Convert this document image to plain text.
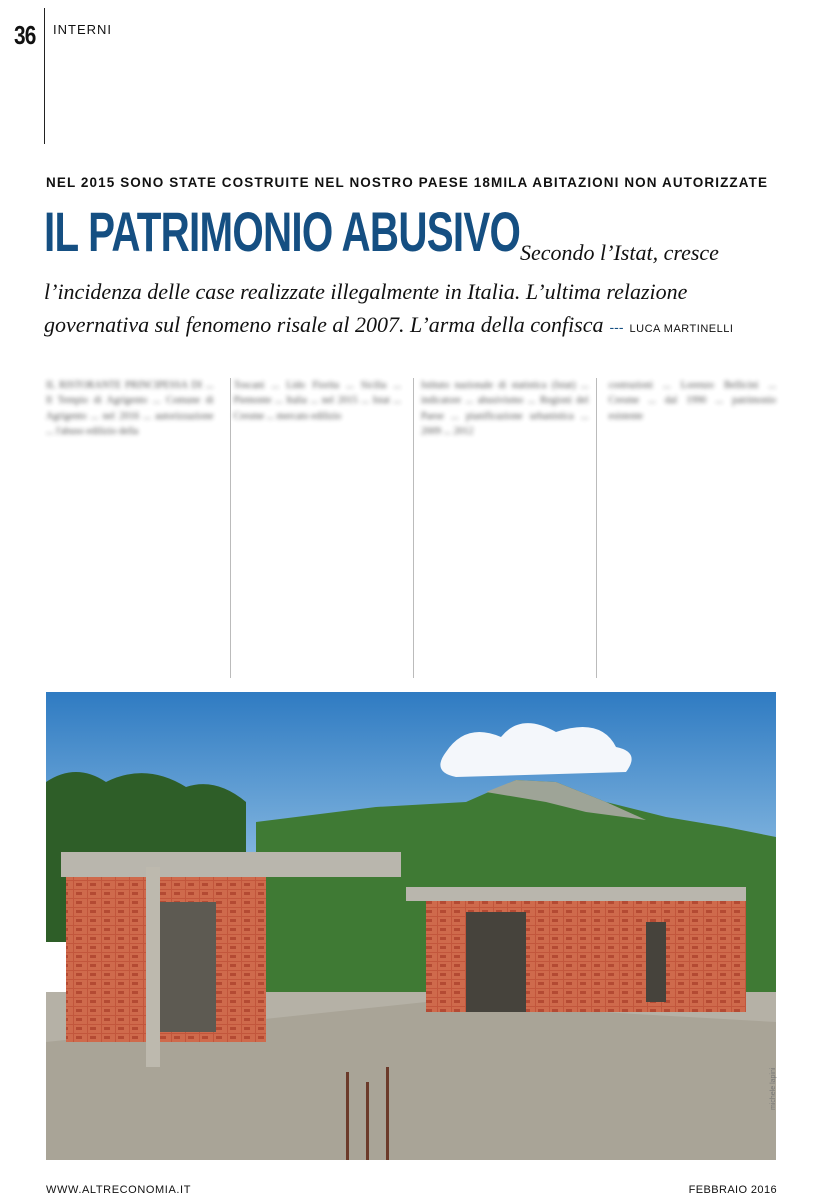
36 INTERNI
NEL 2015 SONO STATE COSTRUITE NEL NOSTRO PAESE 18MILA ABITAZIONI NON AUTORIZZATE
IL PATRIMONIO ABUSIVO Secondo l’Istat, cresce
l’incidenza delle case realizzate illegalmente in Italia. L’ultima relazione
governativa sul fenomeno risale al 2007. L’arma della confisca --- LUCA MARTINELLI
IL RISTORANTE PRINCIPESSA DI ... Il Tempio di Agrigento ... Comune di Agrigento ... nel 2016 ... autorizzazione ... l'abuso edilizio della
Toscani ... Lido Fiorita ... Sicilia ... Piemonte ... Italia ... nel 2015 ... Istat ... Cresme ... mercato edilizio
Istituto nazionale di statistica (Istat) ... indicatore ... abusivismo ... Regioni del Paese ... pianificazione urbanistica ... 2009 ... 2012
costruzioni ... Lorenzo Bellicini ... Cresme ... dal 1990 ... patrimonio esistente
michele lapini
WWW.ALTRECONOMIA.IT	FEBBRAIO 2016
